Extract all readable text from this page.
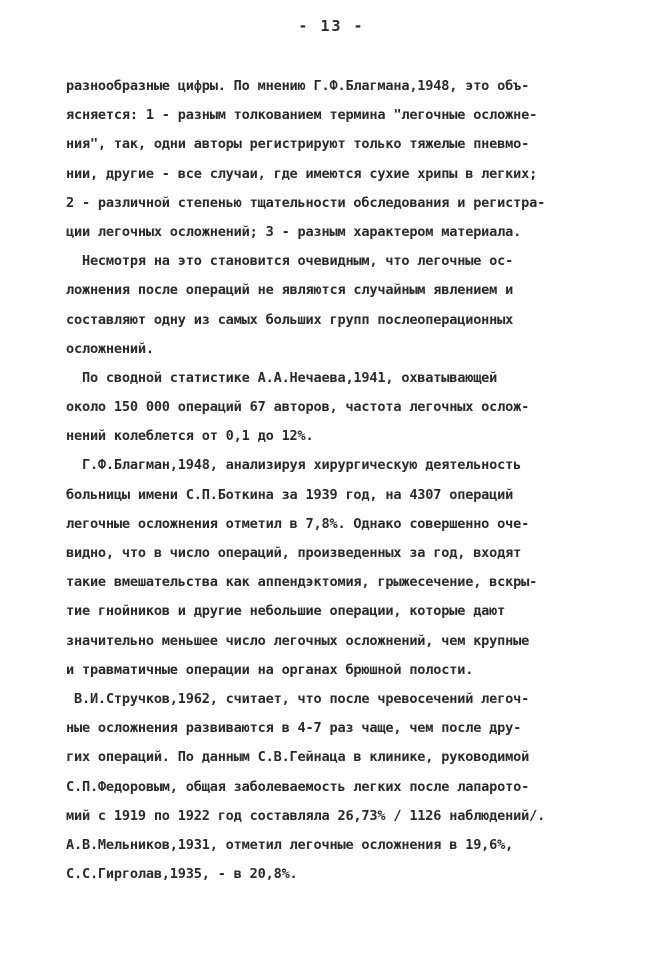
- 13 -
разнообразные цифры. По мнению Г.Ф.Благмана,1948, это объ-
ясняется: 1 - разным толкованием термина "легочные осложне-
ния", так, одни авторы регистрируют только тяжелые пневмо-
нии, другие - все случаи, где имеются сухие хрипы в легких;
2 - различной степенью тщательности обследования и регистра-
ции легочных осложнений; 3 - разным характером материала.
Несмотря на это становится очевидным, что легочные ос-
ложнения после операций не являются случайным явлением и
составляют одну из самых больших групп послеоперационных
осложнений.
По сводной статистике А.А.Нечаева,1941, охватывающей
около 150 000 операций 67 авторов, частота легочных ослож-
нений колеблется от 0,1 до 12%.
Г.Ф.Благман,1948, анализируя хирургическую деятельность
больницы имени С.П.Боткина за 1939 год, на 4307 операций
легочные осложнения отметил в 7,8%. Однако совершенно оче-
видно, что в число операций, произведенных за год, входят
такие вмешательства как аппендэктомия, грыжесечение, вскры-
тие гнойников и другие небольшие операции, которые дают
значительно меньшее число легочных осложнений, чем крупные
и травматичные операции на органах брюшной полости.
В.И.Стручков,1962, считает, что после чревосечений легоч-
ные осложнения развиваются в 4-7 раз чаще, чем после дру-
гих операций. По данным С.В.Гейнаца в клинике, руководимой
С.П.Федоровым, общая заболеваемость легких после лапарото-
мий с 1919 по 1922 год составляла 26,73% / 1126 наблюдений/.
А.В.Мельников,1931, отметил легочные осложнения в 19,6%,
С.С.Гирголав,1935, - в 20,8%.
